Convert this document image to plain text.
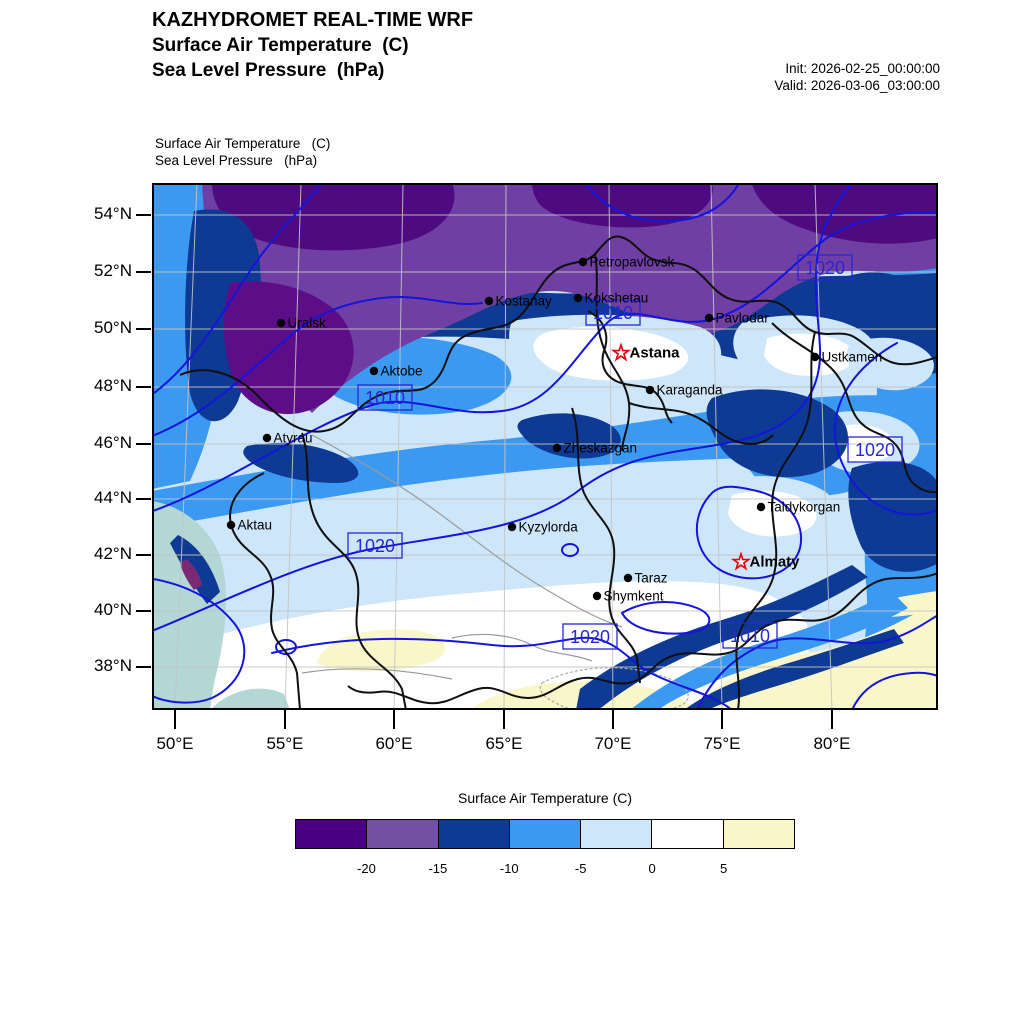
KAZHYDROMET REAL-TIME WRF
Surface Air Temperature  (C)
Sea Level Pressure  (hPa)	Init: 2026-02-25_00:00:00
Valid: 2026-03-06_03:00:00
Surface Air Temperature   (C)
Sea Level Pressure   (hPa)
1010
1020
1010
1020
1020
1020	1010
Petropavlovsk
Kostanay Kokshetau
Pavlodar
Uralsk
Astana	Ustkamen
Aktobe
Karaganda
Atyrau
Zheskazgan
Taldykorgan
Aktau	Kyzylorda
Almaty
Taraz
Shymkent
54°N
52°N
50°N
48°N
46°N
44°N
42°N
40°N
38°N
50°E	55°E	60°E	65°E	70°E	75°E	80°E
Surface Air Temperature (C)
-20	-15	-10	-5	0	5
